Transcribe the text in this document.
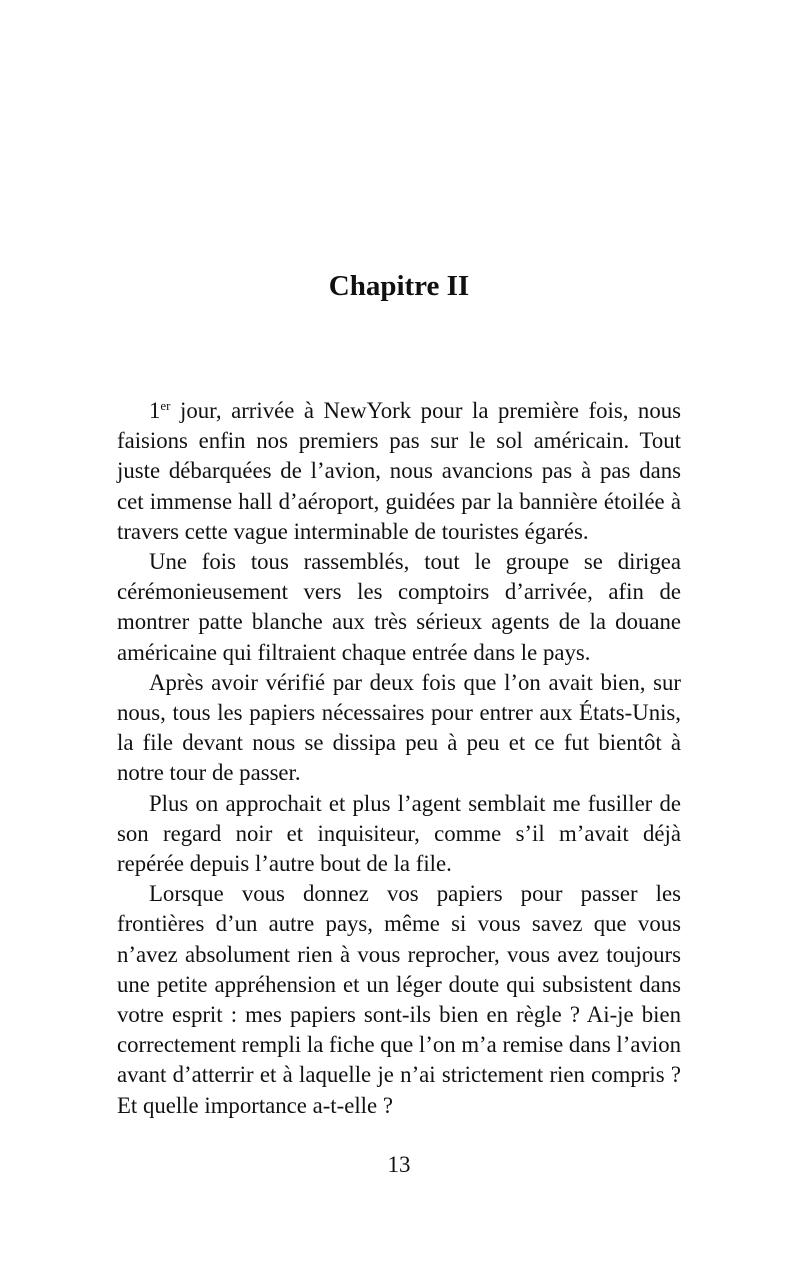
Chapitre II

1er jour, arrivée à NewYork pour la première fois, nous faisions enfin nos premiers pas sur le sol américain. Tout juste débarquées de l’avion, nous avancions pas à pas dans cet immense hall d’aéroport, guidées par la bannière étoilée à travers cette vague interminable de touristes égarés.

Une fois tous rassemblés, tout le groupe se dirigea cérémonieusement vers les comptoirs d’arrivée, afin de montrer patte blanche aux très sérieux agents de la douane américaine qui filtraient chaque entrée dans le pays.

Après avoir vérifié par deux fois que l’on avait bien, sur nous, tous les papiers nécessaires pour entrer aux États-Unis, la file devant nous se dissipa peu à peu et ce fut bientôt à notre tour de passer.

Plus on approchait et plus l’agent semblait me fusiller de son regard noir et inquisiteur, comme s’il m’avait déjà repérée depuis l’autre bout de la file.

Lorsque vous donnez vos papiers pour passer les frontières d’un autre pays, même si vous savez que vous n’avez absolument rien à vous reprocher, vous avez toujours une petite appréhension et un léger doute qui subsistent dans votre esprit : mes papiers sont-ils bien en règle ? Ai-je bien correctement rempli la fiche que l’on m’a remise dans l’avion avant d’atterrir et à laquelle je n’ai strictement rien compris ? Et quelle importance a-t-elle ?

13
